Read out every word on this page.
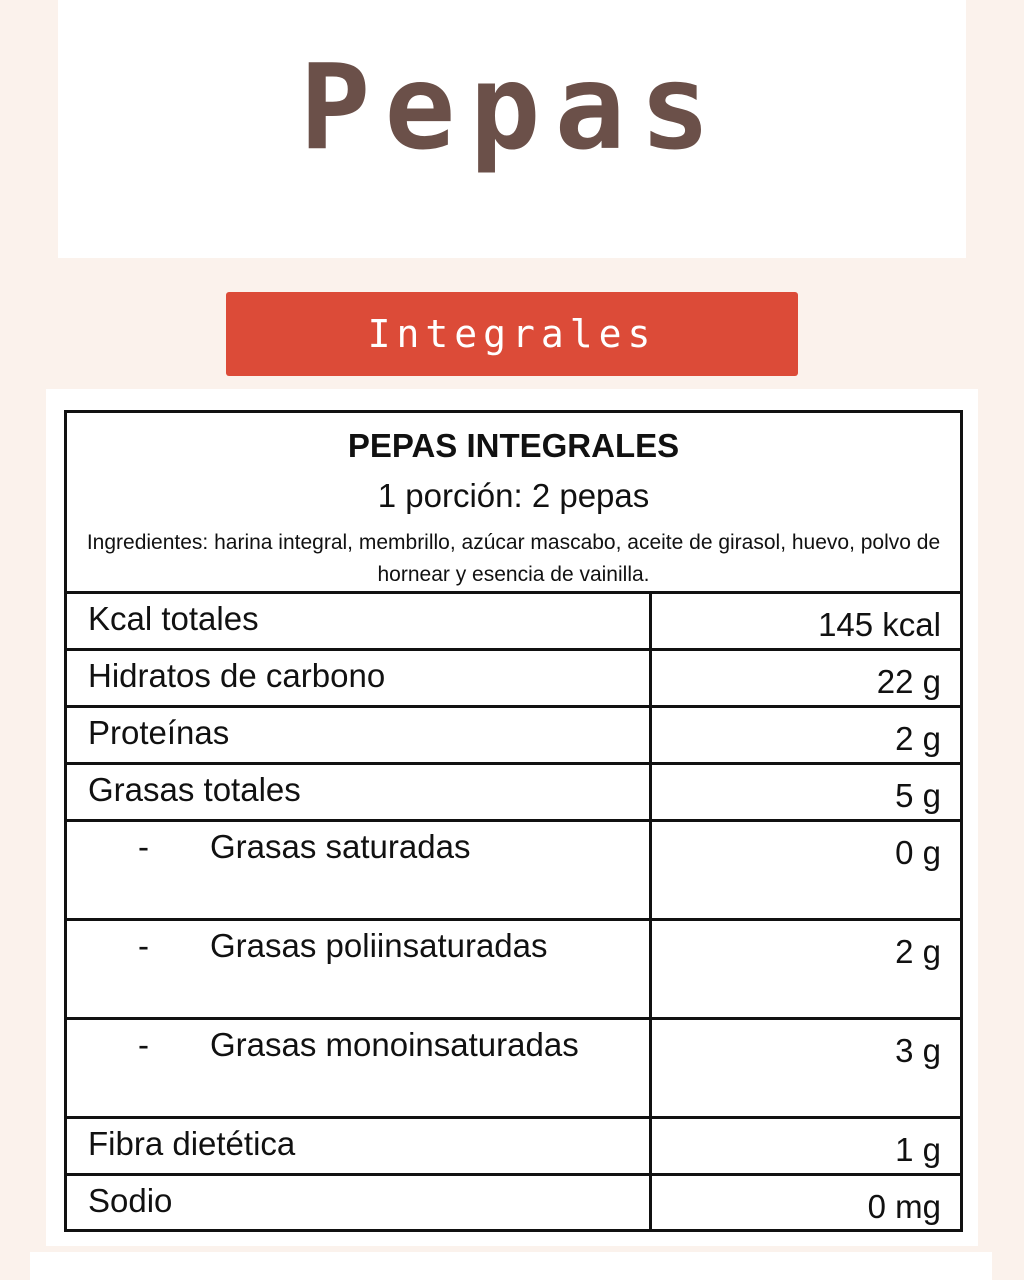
Pepas
Integrales
PEPAS INTEGRALES
1 porción: 2 pepas
Ingredientes: harina integral, membrillo, azúcar mascabo, aceite de girasol, huevo, polvo de hornear y esencia de vainilla.
Kcal totales	145 kcal
Hidratos de carbono	22 g
Proteínas	2 g
Grasas totales	5 g
- Grasas saturadas	0 g
- Grasas poliinsaturadas	2 g
- Grasas monoinsaturadas	3 g
Fibra dietética	1 g
Sodio	0 mg
